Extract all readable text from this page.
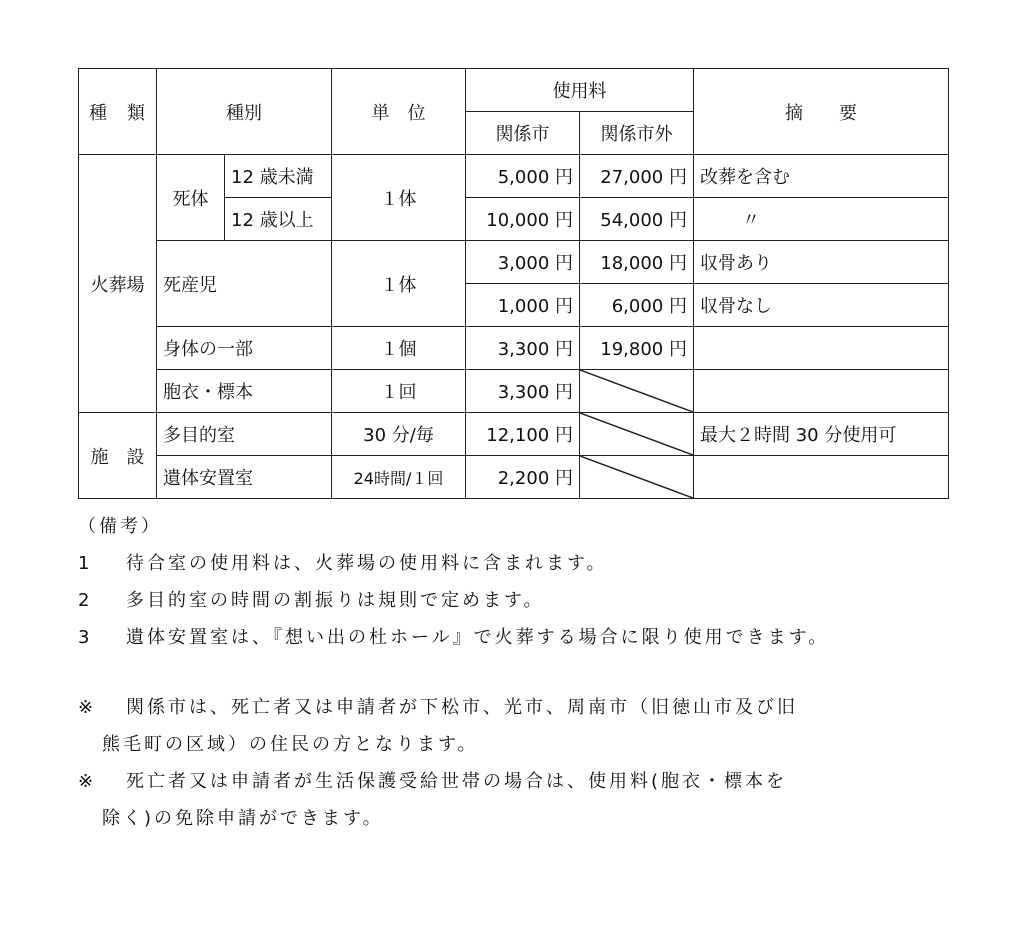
種　類	種別		単　位	使用料		摘　　要
				関係市	関係市外	
火葬場	死体	12 歳未満	１体	5,000 円	27,000 円	改葬を含む
		12 歳以上		10,000 円	54,000 円	〃
	死産児		１体	3,000 円	18,000 円	収骨あり
				1,000 円	6,000 円	収骨なし
	身体の一部		１個	3,300 円	19,800 円	
	胞衣・標本		１回	3,300 円	

施　設	多目的室		30 分/毎	12,100 円		最大２時間 30 分使用可
	遺体安置室		24時間/１回	2,200 円	

（備考）

1 待合室の使用料は、火葬場の使用料に含まれます。

2 多目的室の時間の割振りは規則で定めます。

3 遺体安置室は、『想い出の杜ホール』で火葬する場合に限り使用できます。

※ 関係市は、死亡者又は申請者が下松市、光市、周南市（旧徳山市及び旧

熊毛町の区域）の住民の方となります。

※ 死亡者又は申請者が生活保護受給世帯の場合は、使用料(胞衣・標本を

除く)の免除申請ができます。
